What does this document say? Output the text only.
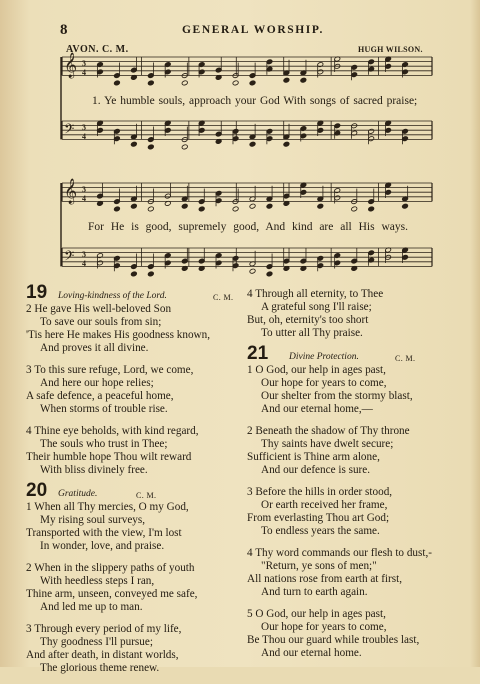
8	GENERAL WORSHIP.
AVON. C. M.	HUGH WILSON.
𝄞 3
4
𝄢 3
4
𝄞 3
4
𝄢 3
4
1. Ye humble souls, approach your God With songs of sacred praise;
For He is good, supremely good, And kind are all His ways.
19 Loving-kindness of the Lord.	C. M.
2 He gave His well-beloved Son
To save our souls from sin;
'Tis here He makes His goodness known,
And proves it all divine.
3 To this sure refuge, Lord, we come,
And here our hope relies;
A safe defence, a peaceful home,
When storms of trouble rise.
4 Thine eye beholds, with kind regard,
The souls who trust in Thee;
Their humble hope Thou wilt reward
With bliss divinely free.
20 Gratitude.	C. M.
1 When all Thy mercies, O my God,
My rising soul surveys,
Transported with the view, I'm lost
In wonder, love, and praise.
2 When in the slippery paths of youth
With heedless steps I ran,
Thine arm, unseen, conveyed me safe,
And led me up to man.
3 Through every period of my life,
Thy goodness I'll pursue;
And after death, in distant worlds,
The glorious theme renew.
4 Through all eternity, to Thee
A grateful song I'll raise;
But, oh, eternity's too short
To utter all Thy praise.
21 Divine Protection.	C. M.
1 O God, our help in ages past,
Our hope for years to come,
Our shelter from the stormy blast,
And our eternal home,—
2 Beneath the shadow of Thy throne
Thy saints have dwelt secure;
Sufficient is Thine arm alone,
And our defence is sure.
3 Before the hills in order stood,
Or earth received her frame,
From everlasting Thou art God;
To endless years the same.
4 Thy word commands our flesh to dust,-
"Return, ye sons of men;"
All nations rose from earth at first,
And turn to earth again.
5 O God, our help in ages past,
Our hope for years to come,
Be Thou our guard while troubles last,
And our eternal home.
